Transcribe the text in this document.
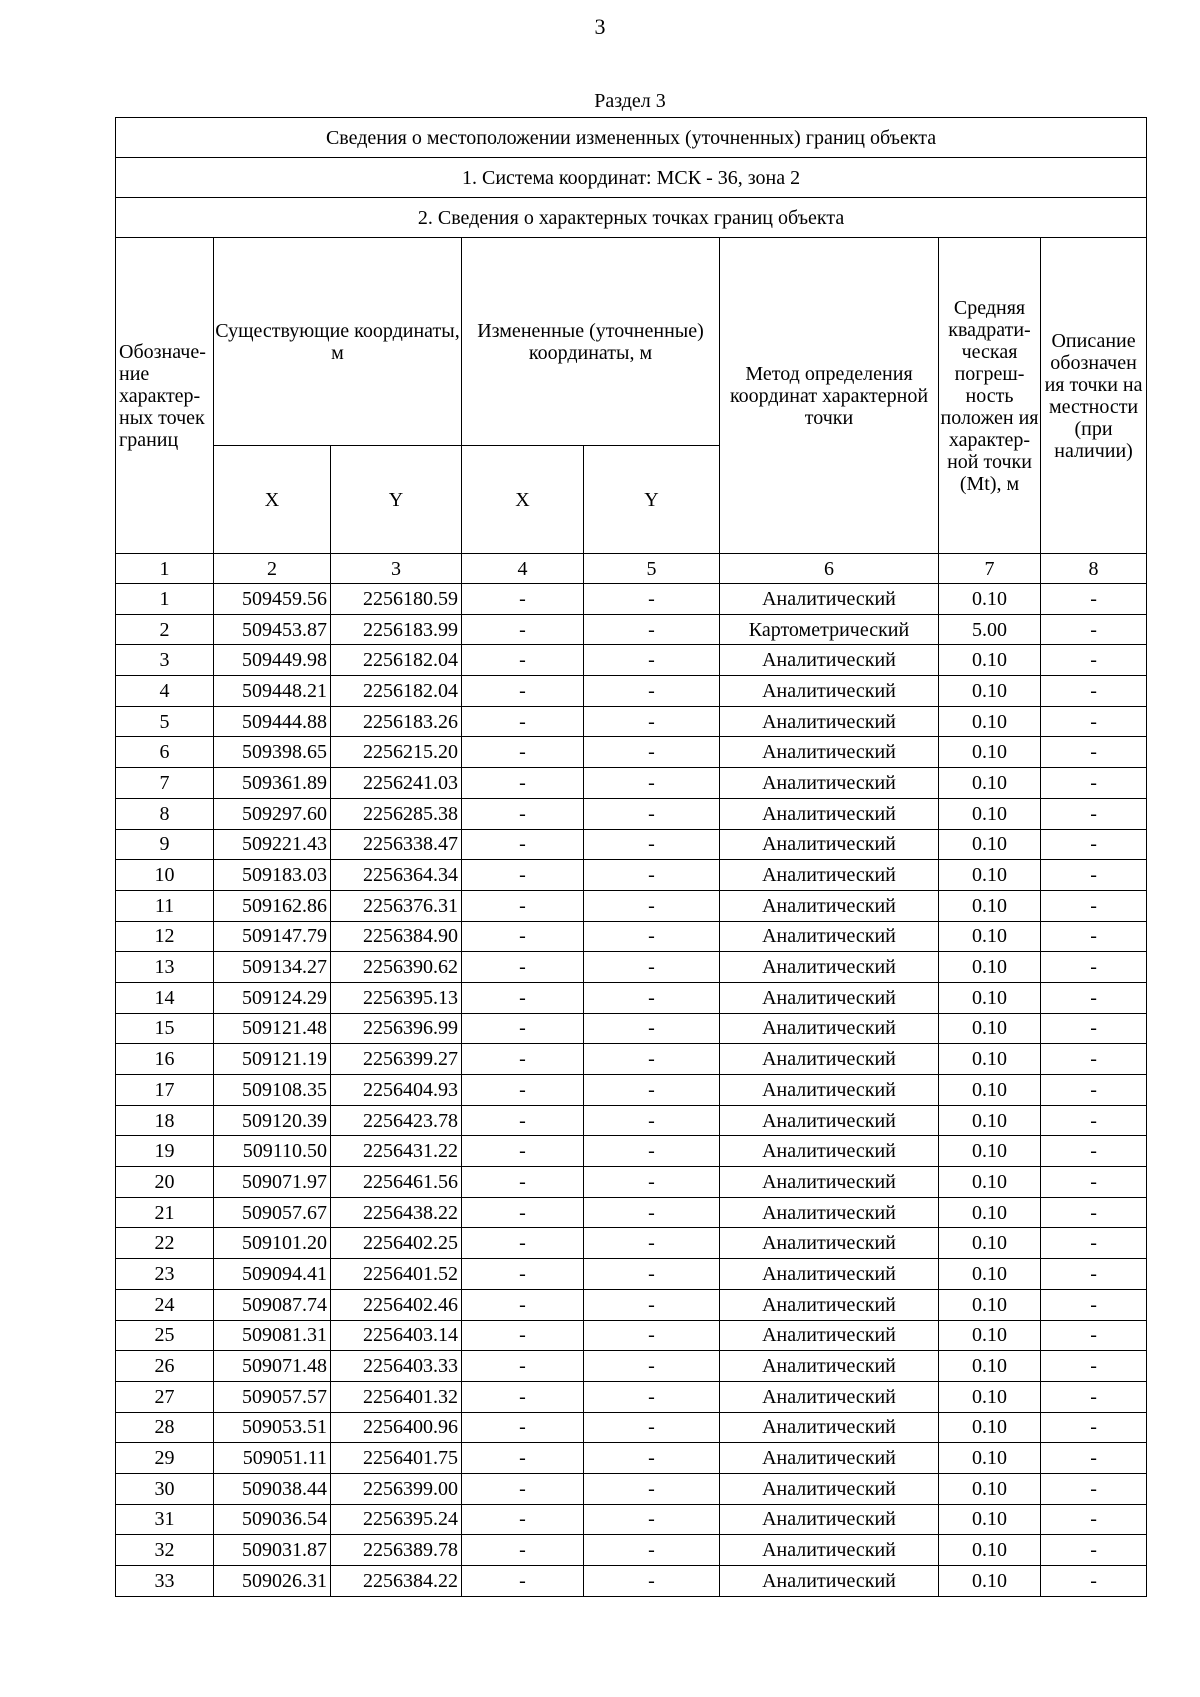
3
Раздел 3
Сведения о местоположении измененных (уточненных) границ объекта							
1. Система координат: МСК - 36, зона 2							
2. Сведения о характерных точках границ объекта							
Обозначе-ние характер-ных точек границ	Существующие координаты, м		Измененные (уточненные) координаты, м		Метод определения координат характерной точки	Средняя квадрати-ческая погреш-ность положен ия характер-ной точки (Mt), м	Описание обозначен ия точки на местности (при наличии)
	X	Y	X	Y			
1	2	3	4	5	6	7	8
1	509459.56	2256180.59	-	-	Аналитический	0.10	-
2	509453.87	2256183.99	-	-	Картометрический	5.00	-
3	509449.98	2256182.04	-	-	Аналитический	0.10	-
4	509448.21	2256182.04	-	-	Аналитический	0.10	-
5	509444.88	2256183.26	-	-	Аналитический	0.10	-
6	509398.65	2256215.20	-	-	Аналитический	0.10	-
7	509361.89	2256241.03	-	-	Аналитический	0.10	-
8	509297.60	2256285.38	-	-	Аналитический	0.10	-
9	509221.43	2256338.47	-	-	Аналитический	0.10	-
10	509183.03	2256364.34	-	-	Аналитический	0.10	-
11	509162.86	2256376.31	-	-	Аналитический	0.10	-
12	509147.79	2256384.90	-	-	Аналитический	0.10	-
13	509134.27	2256390.62	-	-	Аналитический	0.10	-
14	509124.29	2256395.13	-	-	Аналитический	0.10	-
15	509121.48	2256396.99	-	-	Аналитический	0.10	-
16	509121.19	2256399.27	-	-	Аналитический	0.10	-
17	509108.35	2256404.93	-	-	Аналитический	0.10	-
18	509120.39	2256423.78	-	-	Аналитический	0.10	-
19	509110.50	2256431.22	-	-	Аналитический	0.10	-
20	509071.97	2256461.56	-	-	Аналитический	0.10	-
21	509057.67	2256438.22	-	-	Аналитический	0.10	-
22	509101.20	2256402.25	-	-	Аналитический	0.10	-
23	509094.41	2256401.52	-	-	Аналитический	0.10	-
24	509087.74	2256402.46	-	-	Аналитический	0.10	-
25	509081.31	2256403.14	-	-	Аналитический	0.10	-
26	509071.48	2256403.33	-	-	Аналитический	0.10	-
27	509057.57	2256401.32	-	-	Аналитический	0.10	-
28	509053.51	2256400.96	-	-	Аналитический	0.10	-
29	509051.11	2256401.75	-	-	Аналитический	0.10	-
30	509038.44	2256399.00	-	-	Аналитический	0.10	-
31	509036.54	2256395.24	-	-	Аналитический	0.10	-
32	509031.87	2256389.78	-	-	Аналитический	0.10	-
33	509026.31	2256384.22	-	-	Аналитический	0.10	-
